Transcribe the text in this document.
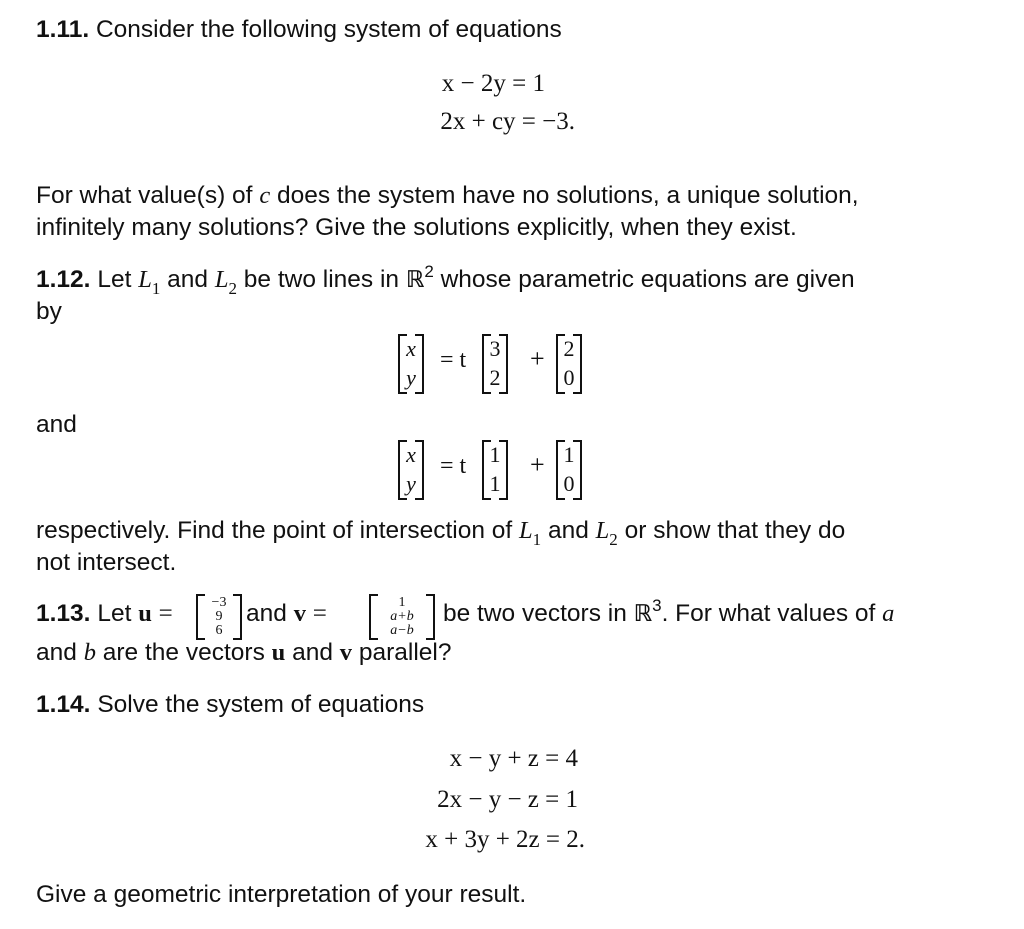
1.11. Consider the following system of equations
x − 2y = 1
2x + cy = −3.
For what value(s) of c does the system have no solutions, a unique solution,
infinitely many solutions? Give the solutions explicitly, when they exist.
1.12. Let $L_1$ and $L_2$ be two lines in ℝ$^2$ whose parametric equations are given
by
x
y
= t 3
2
+ 2
0
and
x
y
= t 1
1
+ 1
0
respectively. Find the point of intersection of $L_1$ and $L_2$ or show that they do
not intersect.
1.13. Let u =	−3
9
6
and v =	1
a+b
a−b
be two vectors in ℝ$^3$. For what values of a
and b are the vectors u and v parallel?
1.14. Solve the system of equations
x − y + z = 4
2x − y − z = 1
x + 3y + 2z = 2.
Give a geometric interpretation of your result.
